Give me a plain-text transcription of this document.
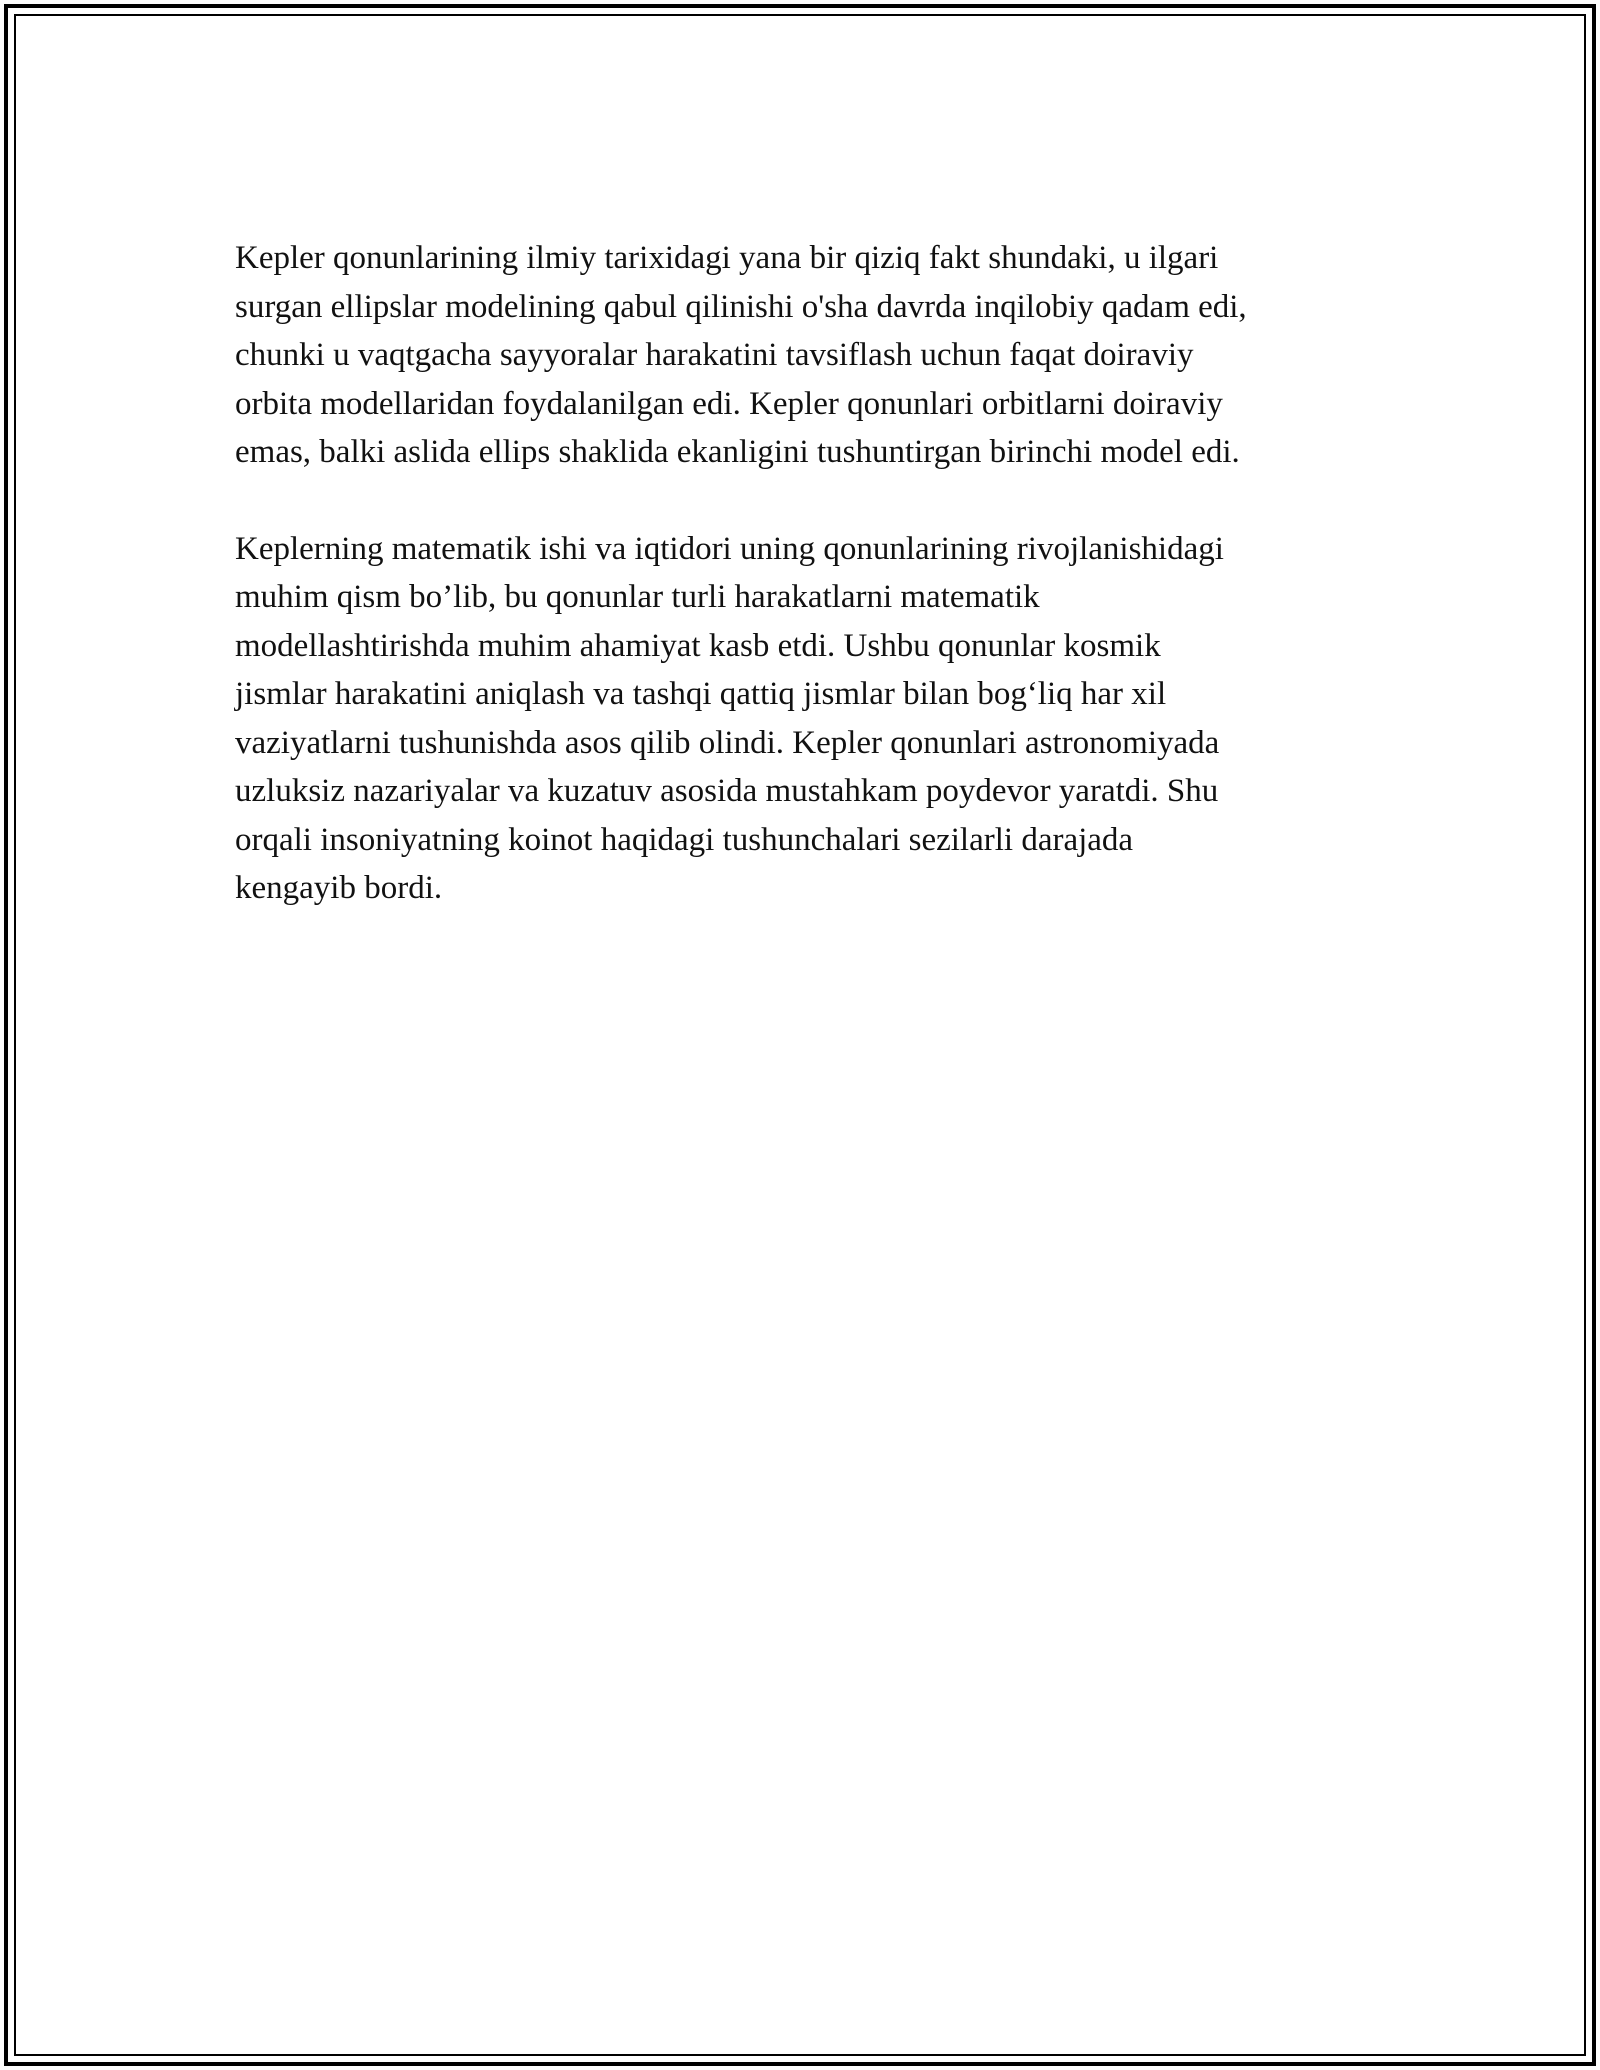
Kepler qonunlarining ilmiy tarixidagi yana bir qiziq fakt shundaki, u ilgari
surgan ellipslar modelining qabul qilinishi o'sha davrda inqilobiy qadam edi,
chunki u vaqtgacha sayyoralar harakatini tavsiflash uchun faqat doiraviy
orbita modellaridan foydalanilgan edi. Kepler qonunlari orbitlarni doiraviy
emas, balki aslida ellips shaklida ekanligini tushuntirgan birinchi model edi.

Keplerning matematik ishi va iqtidori uning qonunlarining rivojlanishidagi
muhim qism bo’lib, bu qonunlar turli harakatlarni matematik
modellashtirishda muhim ahamiyat kasb etdi. Ushbu qonunlar kosmik
jismlar harakatini aniqlash va tashqi qattiq jismlar bilan bog‘liq har xil
vaziyatlarni tushunishda asos qilib olindi. Kepler qonunlari astronomiyada
uzluksiz nazariyalar va kuzatuv asosida mustahkam poydevor yaratdi. Shu
orqali insoniyatning koinot haqidagi tushunchalari sezilarli darajada
kengayib bordi.
